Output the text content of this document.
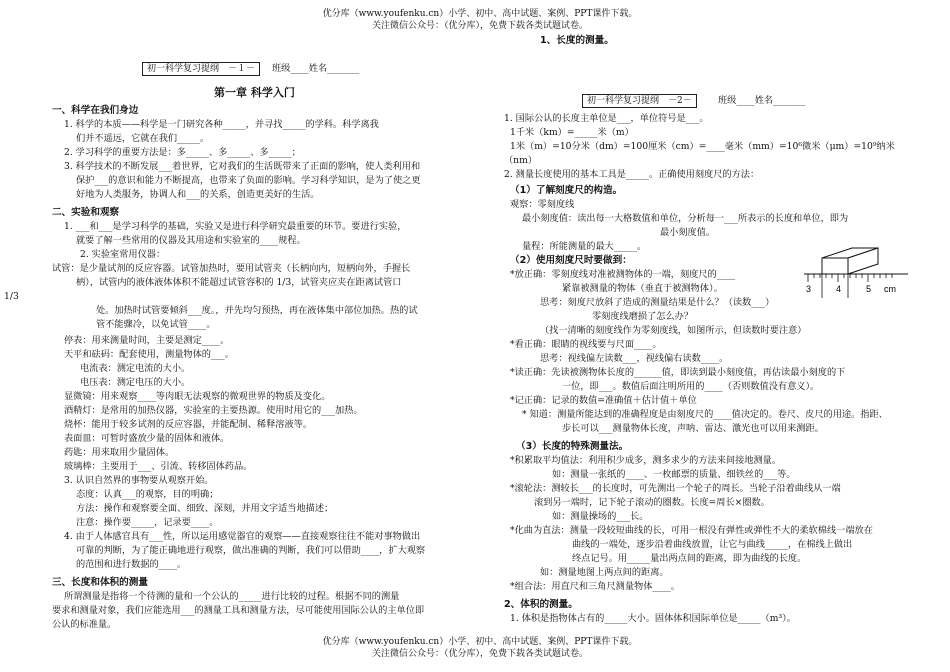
优分库（www.youfenku.cn）小学、初中、高中试题、案例、PPT课件下载。
关注微信公众号：（优分库），免费下载各类试题试卷。
优分库（www.youfenku.cn）小学、初中、高中试题、案例、PPT课件下载。
关注微信公众号：（优分库），免费下载各类试题试卷。
初一科学复习提纲　－１－	班级____姓名_______
第一章 科学入门
一、科学在我们身边
1. 科学的本质——科学是一门研究各种_____，并寻找_____的学科。科学离我
们并不遥远，它就在我们_____。
2. 学习科学的重要方法是：多_____、多_____、多_____；
3. 科学技术的不断发展___着世界，它对我们的生活既带来了正面的影响，使人类利用和
保护___的意识和能力不断提高，也带来了负面的影响。学习科学知识，是为了使之更
好地为人类服务，协调人和___的关系，创造更美好的生活。
二、实验和观察
1. ___和___是学习科学的基础，实验又是进行科学研究最重要的环节。要进行实验，
就要了解一些常用的仪器及其用途和实验室的____规程。
2. 实验室常用仪器：
试管：是少量试剂的反应容器。试管加热时，要用试管夹（长柄向内，短柄向外，手握长
柄），试管内的液体液体体积不能超过试管容积的 1/3，试管夹应夹在距离试管口
1/3
处。加热时试管要倾斜___度。，并先均匀预热，再在液体集中部位加热。热的试
管不能骤冷，以免试管____。
停表：用来测量时间，主要是测定____。
天平和砝码：配套使用，测量物体的___。
电流表：测定电流的大小。
电压表：测定电压的大小。
显微镜：用来观察____等肉眼无法观察的微观世界的物质及变化。
酒精灯：是常用的加热仪器，实验室的主要热源。使用时用它的___加热。
烧杯：能用于较多试剂的反应容器，并能配制、稀释溶液等。
表面皿：可暂时盛放少量的固体和液体。
药匙：用来取用少量固体。
玻璃棒：主要用于___、引流、转移固体药品。
3. 认识自然界的事物要从观察开始。
态度：认真___的观察，目的明确；
方法：操作和观察要全面、细致、深刻，并用文字适当地描述；
注意：操作要_____，记录要____。
4. 由于人体感官具有___性，所以运用感觉器官的观察——直接观察往往不能对事物做出
可靠的判断，为了能正确地进行观察，做出准确的判断，我们可以借助____，扩大观察
的范围和进行数据的____。
三、长度和体积的测量
所谓测量是指将一个待测的量和一个公认的_____进行比较的过程。根据不同的测量
要求和测量对象，我们应能选用___的测量工具和测量方法，尽可能使用国际公认的主单位即
公认的标准量。
1、长度的测量。
初一科学复习提纲　－2－	班级____姓名_______
1. 国际公认的长度主单位是___，单位符号是___。
1千米（km）=_____米（m）
1米（m）=10分米（dm）=100厘米（cm）=____毫米（mm）=10⁶微米（μm）=10⁹纳米
（nm）
2. 测量长度使用的基本工具是_____。正确使用刻度尺的方法：
（1）了解刻度尺的构造。
观察：零刻度线
最小刻度值：读出每一大格数值和单位，分析每一___所表示的长度和单位，即为
最小刻度值。
量程：所能测量的最大_____。
（2）使用刻度尺时要做到：
*放正确：零刻度线对准被测物体的一端，刻度尺的____
紧靠被测量的物体（垂直于被测物体）。
思考：刻度尺放斜了造成的测量结果是什么？（读数___）
零刻度线磨损了怎么办？
（找一清晰的刻度线作为零刻度线，如图所示，但读数时要注意）
*看正确：眼睛的视线要与尺面____。
思考：视线偏左读数___，视线偏右读数____。
*读正确：先读被测物体长度的______值，即读到最小刻度值，再估读最小刻度的下
一位，即___。数值后面注明所用的____（否则数值没有意义）。
*记正确：记录的数值=准确值＋估计值＋单位
* 知道：测量所能达到的准确程度是由刻度尺的____值决定的。卷尺、皮尺的用途。指距、
步长可以___测量物体长度，声呐、雷达、激光也可以用来测距。
（3）长度的特殊测量法。
*积累取平均值法：利用积少成多，测多求少的方法来间接地测量。
如：测量一张纸的____、一枚邮票的质量、细铁丝的___等。
*滚轮法：测较长___的长度时，可先测出一个轮子的周长。当轮子沿着曲线从一端
滚到另一端时，记下轮子滚动的圈数。长度=周长×圈数。
如：测量操场的___长。
*化曲为直法：测量一段较短曲线的长，可用一根没有弹性或弹性不大的柔软棉线一端放在
曲线的一端处，逐步沿着曲线放置，让它与曲线_____，在棉线上做出
终点记号。用_____量出两点间的距离，即为曲线的长度。
如：测量地图上两点间的距离。
*组合法：用直尺和三角尺测量物体____。
2、体积的测量。
1. 体积是指物体占有的_____大小。固体体积国际单位是_____（m³）。
3	4	5 cm
